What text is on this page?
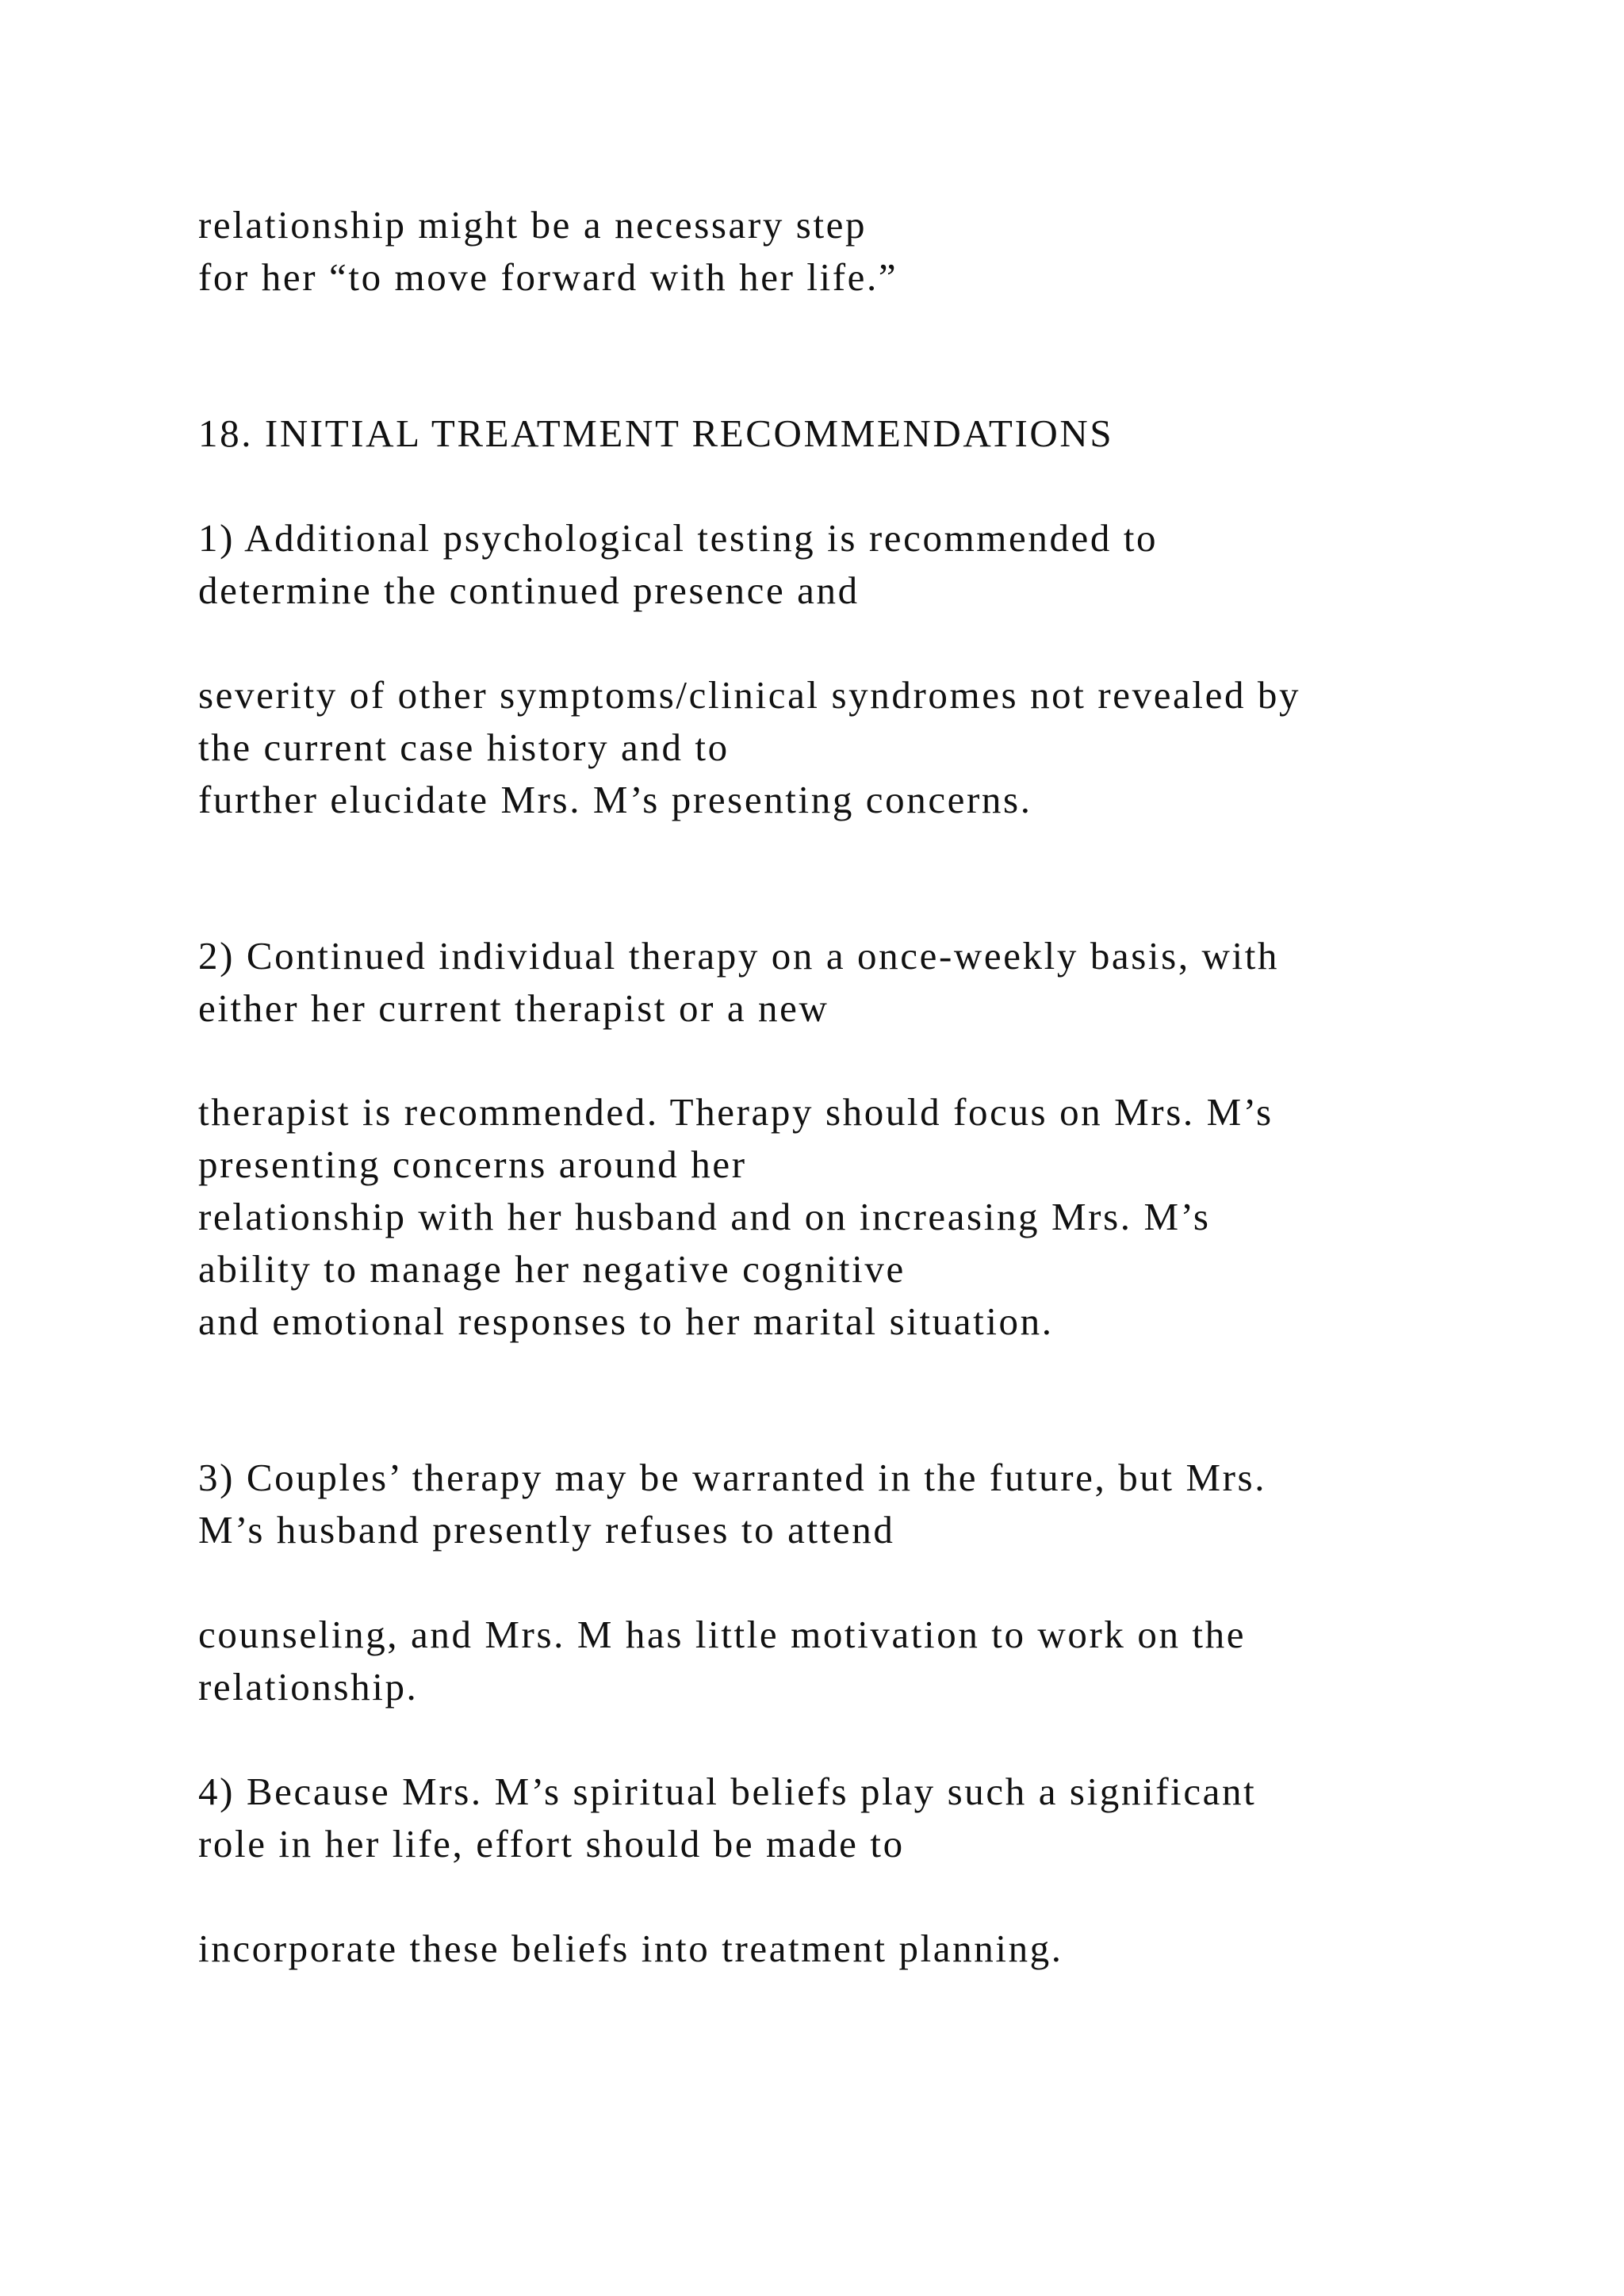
relationship might be a necessary step

for her “to move forward with her life.”

18. INITIAL TREATMENT RECOMMENDATIONS

1) Additional psychological testing is recommended to

determine the continued presence and

severity of other symptoms/clinical syndromes not revealed by

the current case history and to

further elucidate Mrs. M’s presenting concerns.

2) Continued individual therapy on a once-weekly basis, with

either her current therapist or a new

therapist is recommended. Therapy should focus on Mrs. M’s

presenting concerns around her

relationship with her husband and on increasing Mrs. M’s

ability to manage her negative cognitive

and emotional responses to her marital situation.

3) Couples’ therapy may be warranted in the future, but Mrs.

M’s husband presently refuses to attend

counseling, and Mrs. M has little motivation to work on the

relationship.

4) Because Mrs. M’s spiritual beliefs play such a significant

role in her life, effort should be made to

incorporate these beliefs into treatment planning.
